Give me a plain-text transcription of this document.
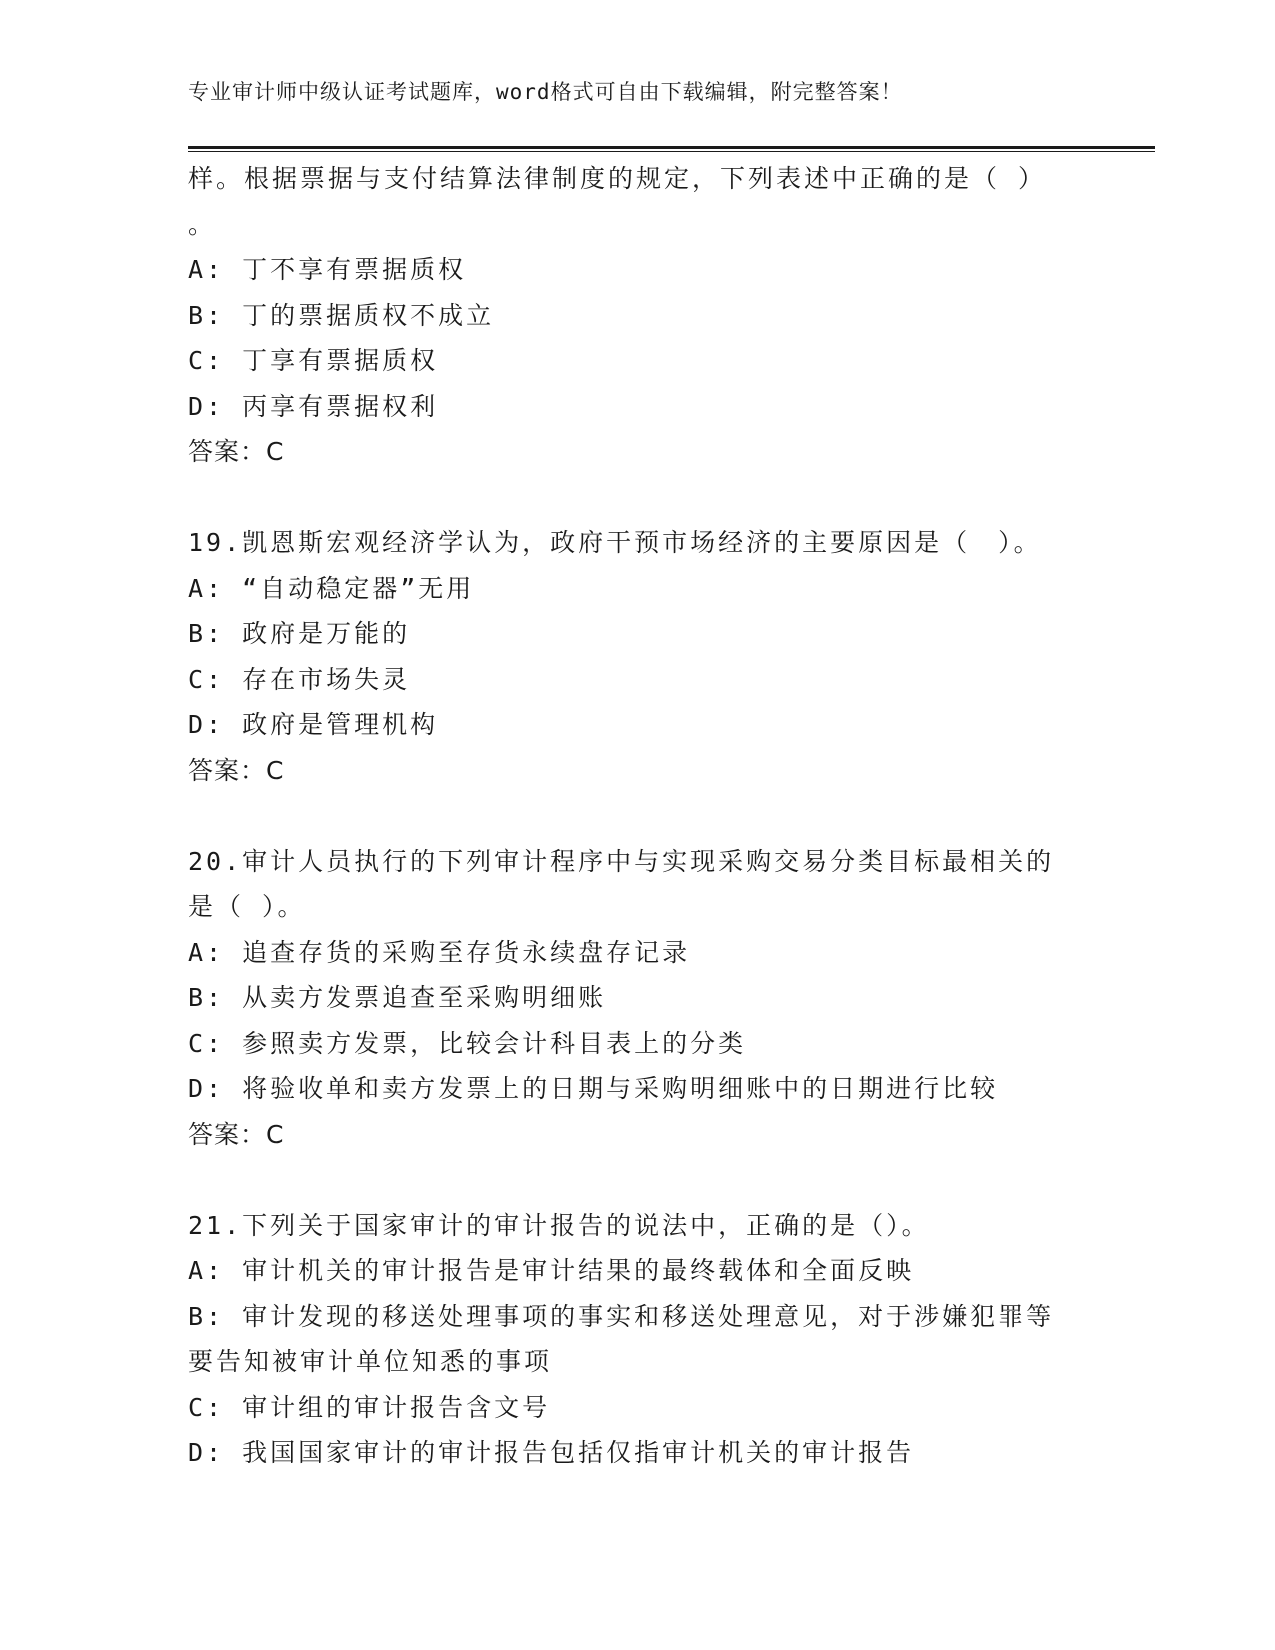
专业审计师中级认证考试题库，word格式可自由下载编辑，附完整答案！
样。根据票据与支付结算法律制度的规定，下列表述中正确的是（ ）
。
A: 丁不享有票据质权
B: 丁的票据质权不成立
C: 丁享有票据质权
D: 丙享有票据权利
答案：C
19.凯恩斯宏观经济学认为，政府干预市场经济的主要原因是（　）。
A: “自动稳定器”无用
B: 政府是万能的
C: 存在市场失灵
D: 政府是管理机构
答案：C
20.审计人员执行的下列审计程序中与实现采购交易分类目标最相关的
是（ ）。
A: 追查存货的采购至存货永续盘存记录
B: 从卖方发票追查至采购明细账
C: 参照卖方发票，比较会计科目表上的分类
D: 将验收单和卖方发票上的日期与采购明细账中的日期进行比较
答案：C
21.下列关于国家审计的审计报告的说法中，正确的是（）。
A: 审计机关的审计报告是审计结果的最终载体和全面反映
B: 审计发现的移送处理事项的事实和移送处理意见，对于涉嫌犯罪等
要告知被审计单位知悉的事项
C: 审计组的审计报告含文号
D: 我国国家审计的审计报告包括仅指审计机关的审计报告
